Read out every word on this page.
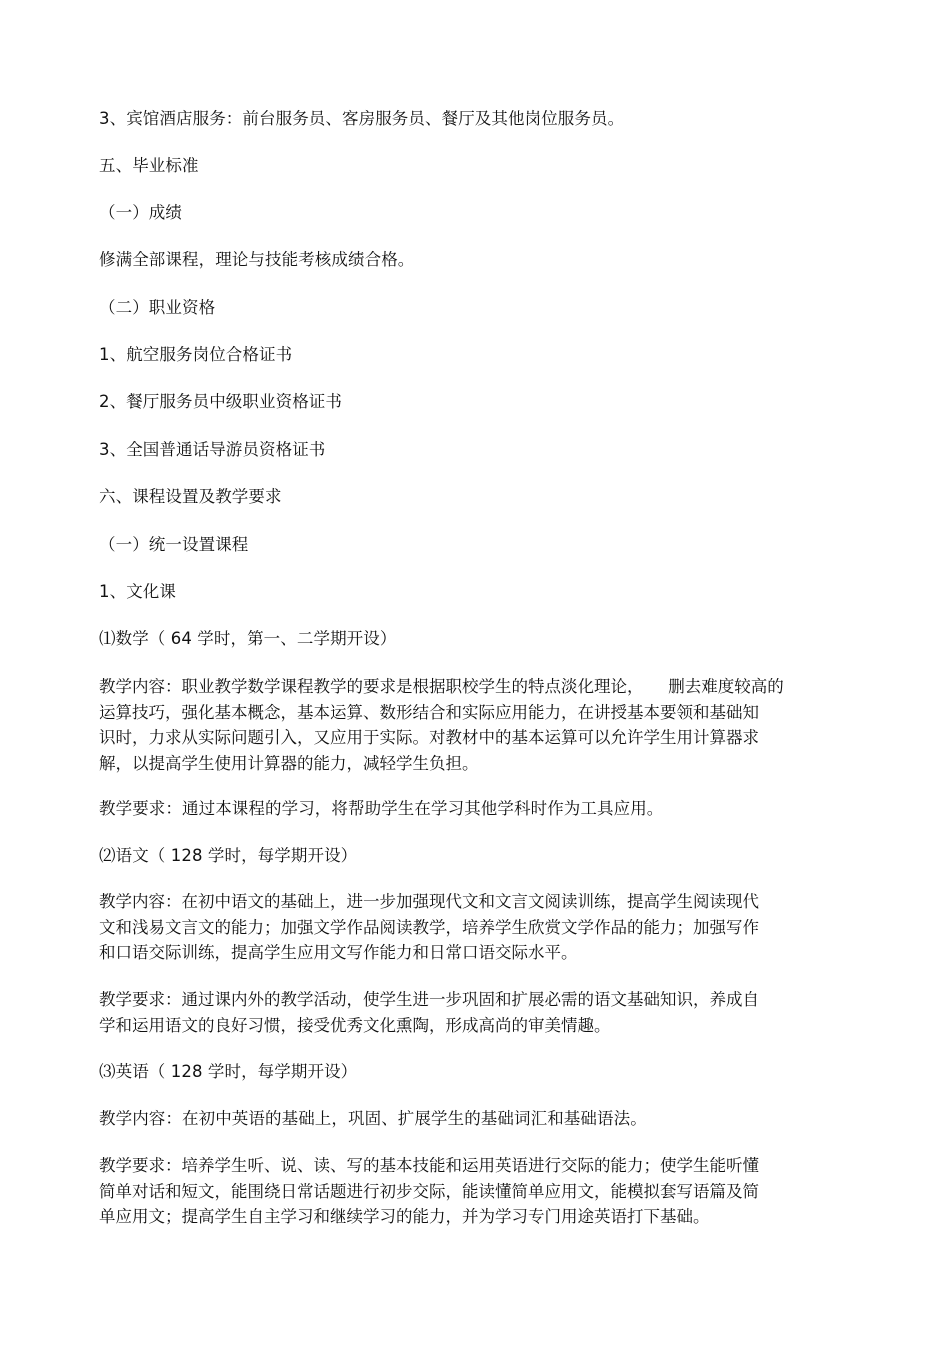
3、宾馆酒店服务：前台服务员、客房服务员、餐厅及其他岗位服务员。
五、毕业标准
（一）成绩
修满全部课程，理论与技能考核成绩合格。
（二）职业资格
1、航空服务岗位合格证书
2、餐厅服务员中级职业资格证书
3、全国普通话导游员资格证书
六、课程设置及教学要求
（一）统一设置课程
1、文化课
⑴数学（ 64 学时，第一、二学期开设）
教学内容：职业教学数学课程教学的要求是根据职校学生的特点淡化理论，　　删去难度较高的
运算技巧，强化基本概念，基本运算、数形结合和实际应用能力，在讲授基本要领和基础知
识时，力求从实际问题引入，又应用于实际。对教材中的基本运算可以允许学生用计算器求
解，以提高学生使用计算器的能力，减轻学生负担。
教学要求：通过本课程的学习，将帮助学生在学习其他学科时作为工具应用。
⑵语文（ 128 学时，每学期开设）
教学内容：在初中语文的基础上，进一步加强现代文和文言文阅读训练，提高学生阅读现代
文和浅易文言文的能力；加强文学作品阅读教学，培养学生欣赏文学作品的能力；加强写作
和口语交际训练，提高学生应用文写作能力和日常口语交际水平。
教学要求：通过课内外的教学活动，使学生进一步巩固和扩展必需的语文基础知识，养成自
学和运用语文的良好习惯，接受优秀文化熏陶，形成高尚的审美情趣。
⑶英语（ 128 学时，每学期开设）
教学内容：在初中英语的基础上，巩固、扩展学生的基础词汇和基础语法。
教学要求：培养学生听、说、读、写的基本技能和运用英语进行交际的能力；使学生能听懂
简单对话和短文，能围绕日常话题进行初步交际，能读懂简单应用文，能模拟套写语篇及简
单应用文；提高学生自主学习和继续学习的能力，并为学习专门用途英语打下基础。
